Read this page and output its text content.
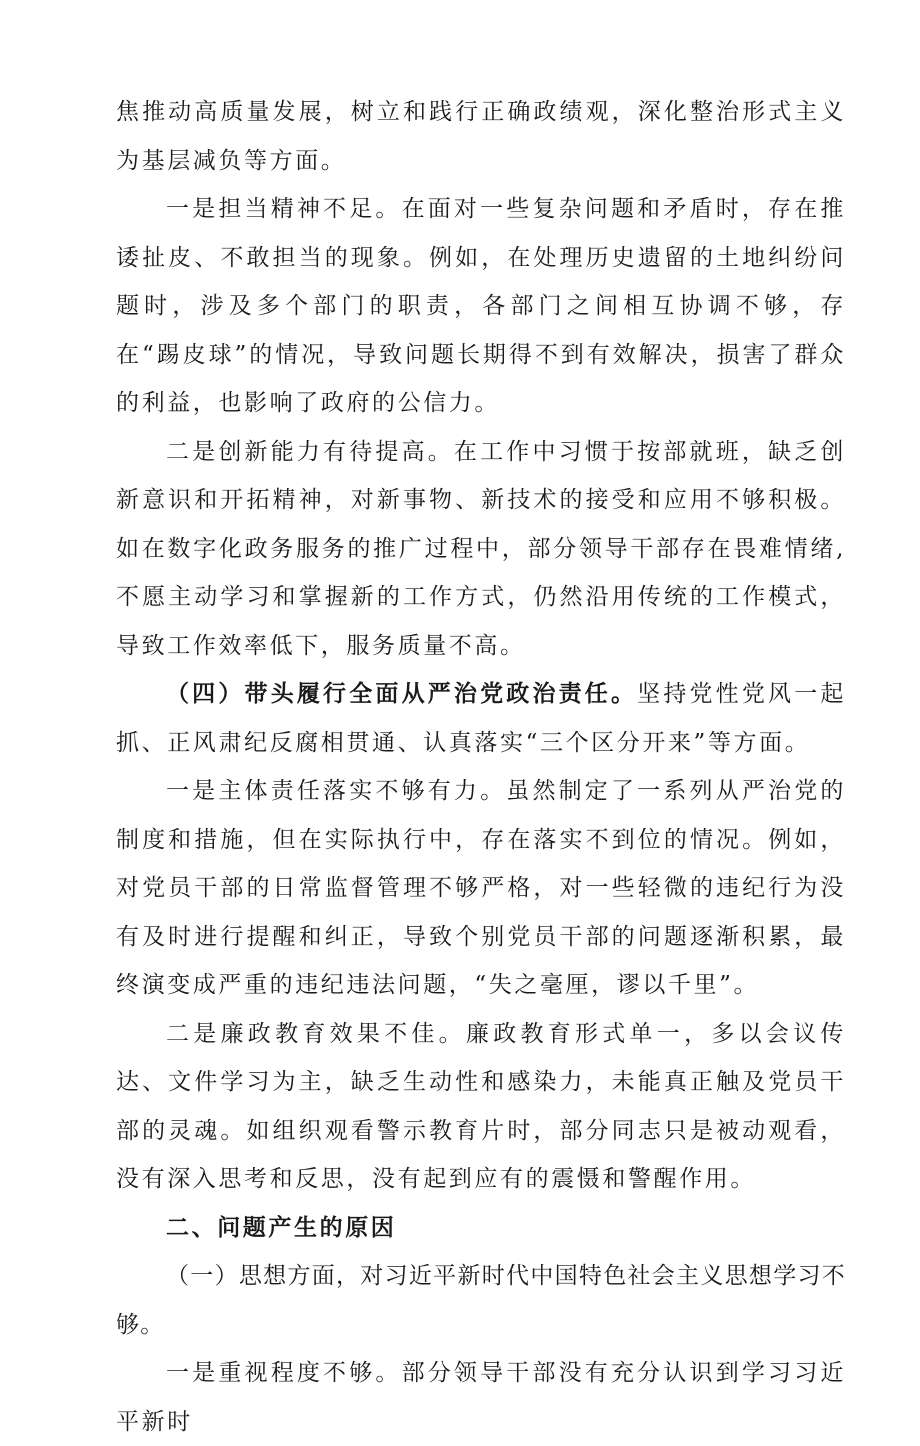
焦推动高质量发展，树立和践行正确政绩观，深化整治形式主义为基层减负等方面。

一是担当精神不足。在面对一些复杂问题和矛盾时，存在推诿扯皮、不敢担当的现象。例如，在处理历史遗留的土地纠纷问题时，涉及多个部门的职责，各部门之间相互协调不够，存在“踢皮球”的情况，导致问题长期得不到有效解决，损害了群众的利益，也影响了政府的公信力。

二是创新能力有待提高。在工作中习惯于按部就班，缺乏创新意识和开拓精神，对新事物、新技术的接受和应用不够积极。如在数字化政务服务的推广过程中，部分领导干部存在畏难情绪,不愿主动学习和掌握新的工作方式，仍然沿用传统的工作模式，导致工作效率低下，服务质量不高。

（四）带头履行全面从严治党政治责任。坚持党性党风一起抓、正风肃纪反腐相贯通、认真落实“三个区分开来”等方面。

一是主体责任落实不够有力。虽然制定了一系列从严治党的制度和措施，但在实际执行中，存在落实不到位的情况。例如，对党员干部的日常监督管理不够严格，对一些轻微的违纪行为没有及时进行提醒和纠正，导致个别党员干部的问题逐渐积累，最终演变成严重的违纪违法问题，“失之毫厘，谬以千里”。

二是廉政教育效果不佳。廉政教育形式单一，多以会议传达、文件学习为主，缺乏生动性和感染力，未能真正触及党员干部的灵魂。如组织观看警示教育片时，部分同志只是被动观看，没有深入思考和反思，没有起到应有的震慑和警醒作用。

二、问题产生的原因

（一）思想方面，对习近平新时代中国特色社会主义思想学习不够。

一是重视程度不够。部分领导干部没有充分认识到学习习近平新时
